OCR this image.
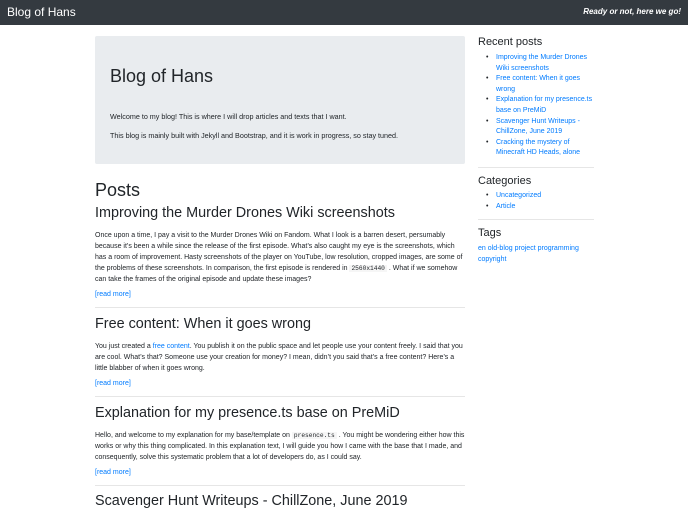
Blog of Hans	Ready or not, here we go!
Blog of Hans
Welcome to my blog! This is where I will drop articles and texts that I want.
This blog is mainly built with Jekyll and Bootstrap, and it is work in progress, so stay tuned.
Posts
Improving the Murder Drones Wiki screenshots
Once upon a time, I pay a visit to the Murder Drones Wiki on Fandom. What I look is a barren desert, persumably because it’s been a while since the release of the first episode. What’s also caught my eye is the screenshots, which has a room of improvement. Hasty screenshots of the player on YouTube, low resolution, cropped images, are some of the problems of these screenshots. In comparison, the first episode is rendered in 2560x1440 . What if we somehow can take the frames of the original episode and update these images?
[read more]
Free content: When it goes wrong
You just created a free content. You publish it on the public space and let people use your content freely. I said that you are cool. What’s that? Someone use your creation for money? I mean, didn’t you said that’s a free content? Here’s a little blabber of when it goes wrong.
[read more]
Explanation for my presence.ts base on PreMiD
Hello, and welcome to my explanation for my base/template on presence.ts . You might be wondering either how this works or why this thing complicated. In this explanation text, I will guide you how I came with the base that I made, and consequently, solve this systematic problem that a lot of developers do, as I could say.
[read more]
Scavenger Hunt Writeups - ChillZone, June 2019
Recent posts
• Improving the Murder Drones Wiki screenshots
• Free content: When it goes wrong
• Explanation for my presence.ts base on PreMiD
• Scavenger Hunt Writeups - ChillZone, June 2019
• Cracking the mystery of Minecraft HD Heads, alone
Categories
• Uncategorized
• Article
Tags
en old-blog project programming copyright
